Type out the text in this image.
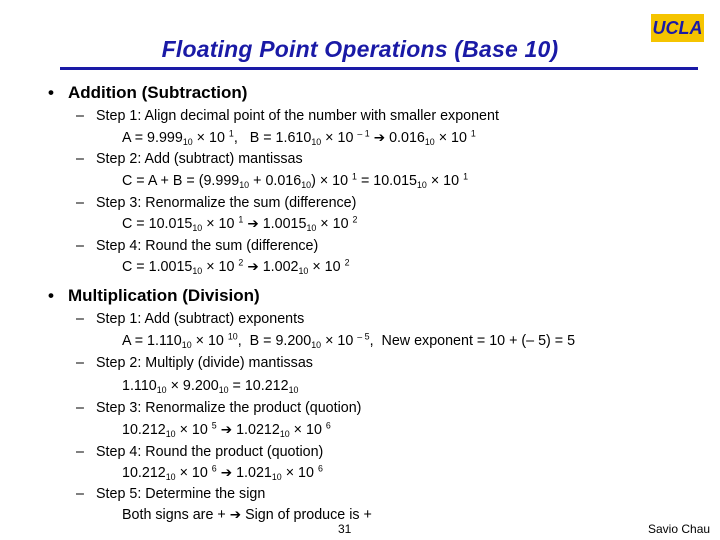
Floating Point Operations (Base 10)
UCLA
• Addition (Subtraction)
– Step 1: Align decimal point of the number with smaller exponent
$A = 9.999_{10} \times 10$ $^1$,   $B = 1.610_{10} \times 10$ $^{- 1}$ ➔ $0.016_{10} \times 10$ $^1$
– Step 2: Add (subtract) mantissas
$C = A + B = (9.999_{10} + 0.016_{10}) \times 10$ $^1 = 10.015_{10} \times 10$ $^1$
– Step 3: Renormalize the sum (difference)
$C = 10.015_{10} \times 10$ $^1$ ➔ $1.0015_{10} \times 10$ $^2$
– Step 4: Round the sum (difference)
$C = 1.0015_{10} \times 10$ $^2$ ➔ $1.002_{10} \times 10$ $^2$
• Multiplication (Division)
– Step 1: Add (subtract) exponents
$A = 1.110_{10} \times 10$ $^{10}$,  $B = 9.200_{10} \times 10$ $^{- 5}$,  New exponent = 10 + (– 5) = 5
– Step 2: Multiply (divide) mantissas
$1.110_{10} \times 9.200_{10} = 10.212_{10}$
– Step 3: Renormalize the product (quotion)
$10.212_{10} \times 10$ $^5$ ➔ $1.0212_{10} \times 10$ $^6$
– Step 4: Round the product (quotion)
$10.212_{10} \times 10$ $^6$ ➔ $1.021_{10} \times 10$ $^6$
– Step 5: Determine the sign
Both signs are + ➔ Sign of produce is +
31	Savio Chau
